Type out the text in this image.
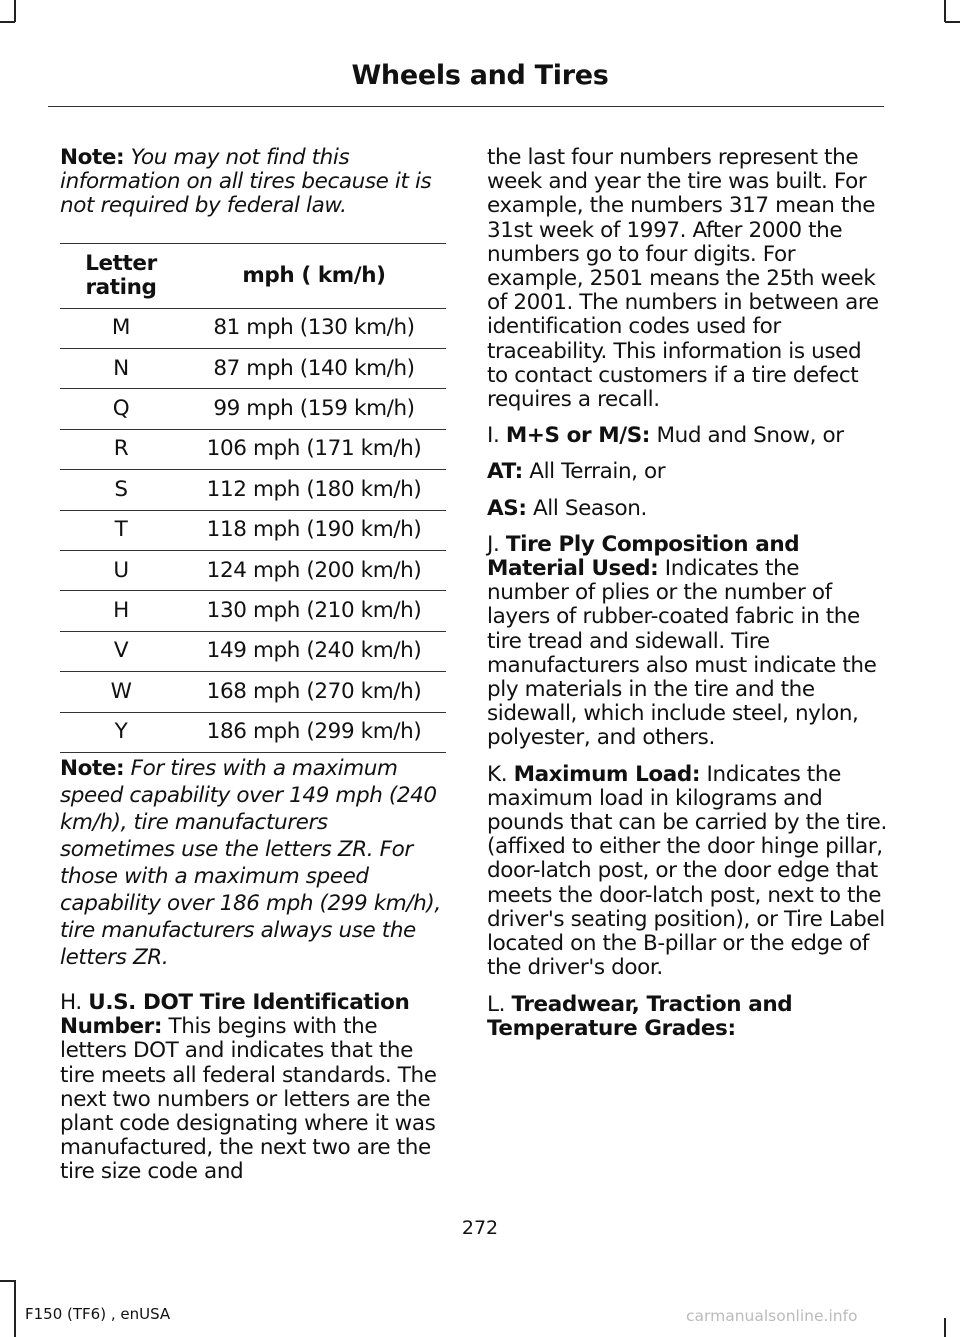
Wheels and Tires

Note: You may not find this information on all tires because it is not required by federal law.

Letter rating	mph ( km/h)
M	81 mph (130 km/h)
N	87 mph (140 km/h)
Q	99 mph (159 km/h)
R	106 mph (171 km/h)
S	112 mph (180 km/h)
T	118 mph (190 km/h)
U	124 mph (200 km/h)
H	130 mph (210 km/h)
V	149 mph (240 km/h)
W	168 mph (270 km/h)
Y	186 mph (299 km/h)

Note: For tires with a maximum speed capability over 149 mph (240 km/h), tire manufacturers sometimes use the letters ZR. For those with a maximum speed capability over 186 mph (299 km/h), tire manufacturers always use the letters ZR.

H. U.S. DOT Tire Identification Number: This begins with the letters DOT and indicates that the tire meets all federal standards. The next two numbers or letters are the plant code designating where it was manufactured, the next two are the tire size code and

the last four numbers represent the week and year the tire was built. For example, the numbers 317 mean the 31st week of 1997. After 2000 the numbers go to four digits. For example, 2501 means the 25th week of 2001. The numbers in between are identification codes used for traceability. This information is used to contact customers if a tire defect requires a recall.

I. M+S or M/S: Mud and Snow, or

AT: All Terrain, or

AS: All Season.

J. Tire Ply Composition and Material Used: Indicates the number of plies or the number of layers of rubber-coated fabric in the tire tread and sidewall. Tire manufacturers also must indicate the ply materials in the tire and the sidewall, which include steel, nylon, polyester, and others.

K. Maximum Load: Indicates the maximum load in kilograms and pounds that can be carried by the tire. (affixed to either the door hinge pillar, door-latch post, or the door edge that meets the door-latch post, next to the driver's seating position), or Tire Label located on the B-pillar or the edge of the driver's door.

L. Treadwear, Traction and Temperature Grades:

272
F150 (TF6) , enUSA	carmanualsonline.info
